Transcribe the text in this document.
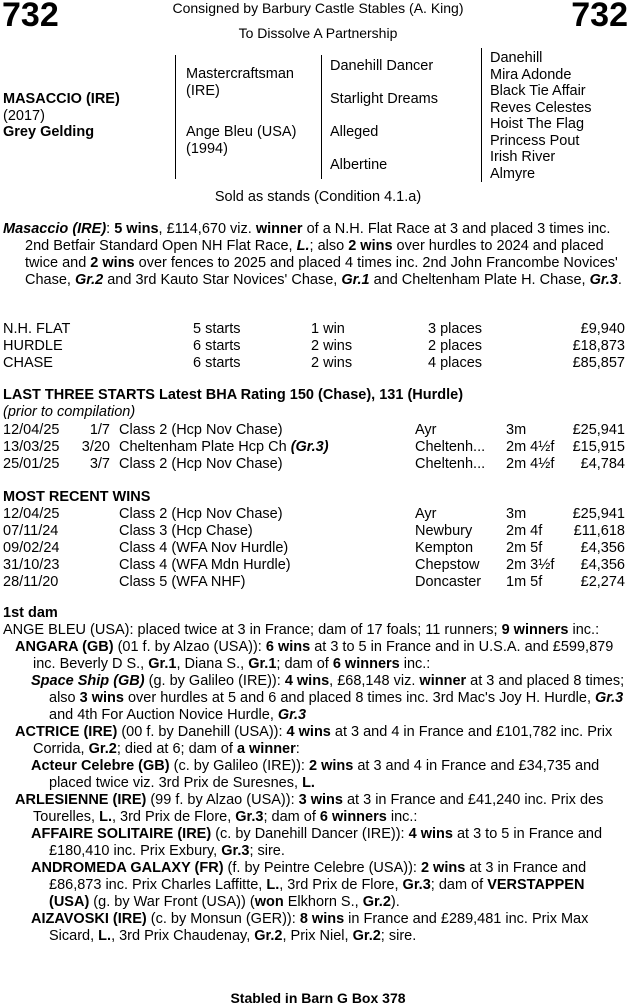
732	732
Consigned by Barbury Castle Stables (A. King)
To Dissolve A Partnership
MASACCIO (IRE)
(2017)
Grey Gelding
Mastercraftsman
(IRE)
Ange Bleu (USA)
(1994)
Danehill Dancer
Starlight Dreams
Alleged
Albertine
Danehill
Mira Adonde
Black Tie Affair
Reves Celestes
Hoist The Flag
Princess Pout
Irish River
Almyre
Sold as stands (Condition 4.1.a)

Masaccio (IRE): 5 wins, £114,670 viz. winner of a N.H. Flat Race at 3 and placed 3 times inc. 2nd Betfair Standard Open NH Flat Race, L.; also 2 wins over hurdles to 2024 and placed twice and 2 wins over fences to 2025 and placed 4 times inc. 2nd John Francombe Novices' Chase, Gr.2 and 3rd Kauto Star Novices' Chase, Gr.1 and Cheltenham Plate H. Chase, Gr.3.

N.H. FLAT	5 starts	1 win	3 places	£9,940
HURDLE	6 starts	2 wins	2 places	£18,873
CHASE	6 starts	2 wins	4 places	£85,857
LAST THREE STARTS Latest BHA Rating 150 (Chase), 131 (Hurdle)
(prior to compilation)
12/04/25 1/7 Class 2 (Hcp Nov Chase)	Ayr	3m	£25,941
13/03/25 3/20 Cheltenham Plate Hcp Ch (Gr.3)	Cheltenh... 2m 4½f £15,915
25/01/25 3/7 Class 2 (Hcp Nov Chase)	Cheltenh... 2m 4½f £4,784
MOST RECENT WINS
12/04/25	Class 2 (Hcp Nov Chase)	Ayr	3m	£25,941
07/11/24	Class 3 (Hcp Chase)	Newbury 2m 4f £11,618
09/02/24	Class 4 (WFA Nov Hurdle)	Kempton 2m 5f	£4,356
31/10/23	Class 4 (WFA Mdn Hurdle)	Chepstow 2m 3½f £4,356
28/11/20	Class 5 (WFA NHF)	Doncaster 1m 5f	£2,274
1st dam

ANGE BLEU (USA): placed twice at 3 in France; dam of 17 foals; 11 runners; 9 winners inc.:

ANGARA (GB) (01 f. by Alzao (USA)): 6 wins at 3 to 5 in France and in U.S.A. and £599,879 inc. Beverly D S., Gr.1, Diana S., Gr.1; dam of 6 winners inc.:

Space Ship (GB) (g. by Galileo (IRE)): 4 wins, £68,148 viz. winner at 3 and placed 8 times; also 3 wins over hurdles at 5 and 6 and placed 8 times inc. 3rd Mac's Joy H. Hurdle, Gr.3 and 4th For Auction Novice Hurdle, Gr.3

ACTRICE (IRE) (00 f. by Danehill (USA)): 4 wins at 3 and 4 in France and £101,782 inc. Prix Corrida, Gr.2; died at 6; dam of a winner:

Acteur Celebre (GB) (c. by Galileo (IRE)): 2 wins at 3 and 4 in France and £34,735 and placed twice viz. 3rd Prix de Suresnes, L.

ARLESIENNE (IRE) (99 f. by Alzao (USA)): 3 wins at 3 in France and £41,240 inc. Prix des Tourelles, L., 3rd Prix de Flore, Gr.3; dam of 6 winners inc.:

AFFAIRE SOLITAIRE (IRE) (c. by Danehill Dancer (IRE)): 4 wins at 3 to 5 in France and £180,410 inc. Prix Exbury, Gr.3; sire.

ANDROMEDA GALAXY (FR) (f. by Peintre Celebre (USA)): 2 wins at 3 in France and £86,873 inc. Prix Charles Laffitte, L., 3rd Prix de Flore, Gr.3; dam of VERSTAPPEN (USA) (g. by War Front (USA)) (won Elkhorn S., Gr.2).

AIZAVOSKI (IRE) (c. by Monsun (GER)): 8 wins in France and £289,481 inc. Prix Max Sicard, L., 3rd Prix Chaudenay, Gr.2, Prix Niel, Gr.2; sire.

Stabled in Barn G Box 378
